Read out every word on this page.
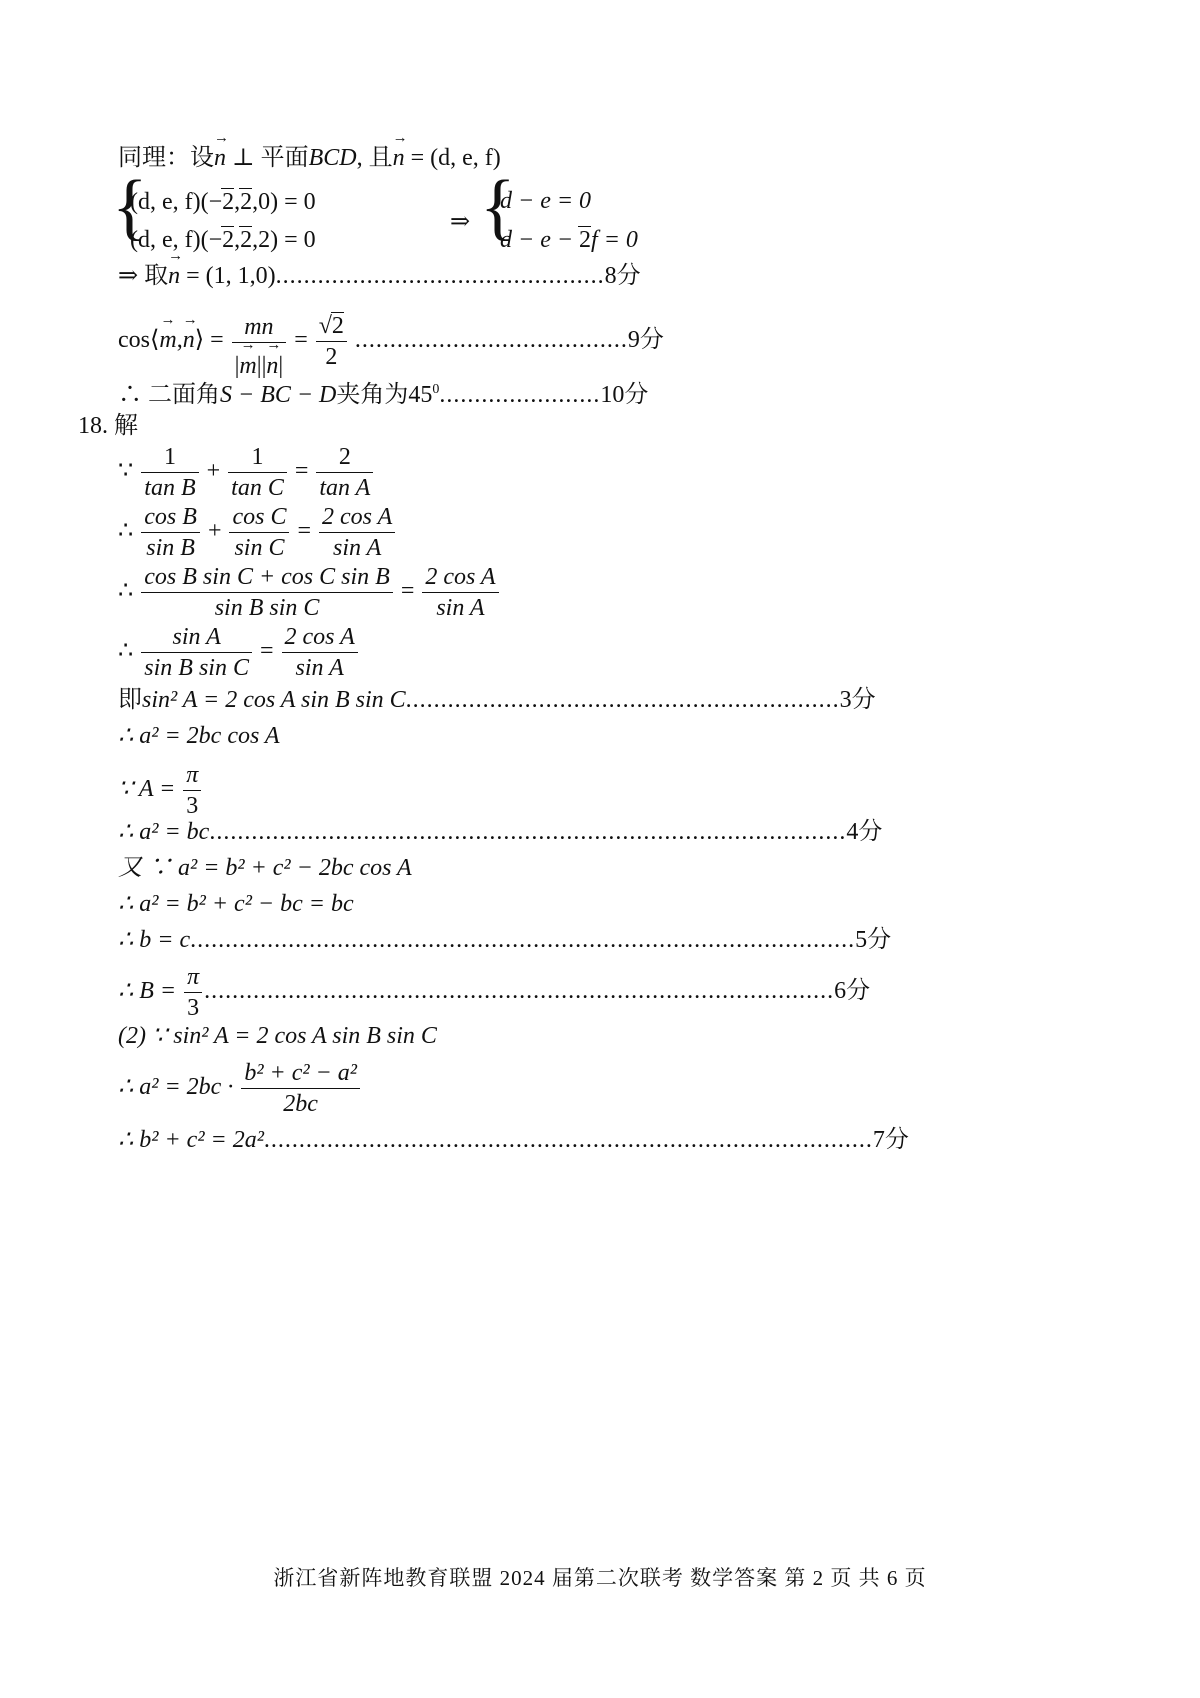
同理：设→ n ⊥ 平面BCD, 且→ n = (d, e, f)
{
(d, e, f)(−2,2,0) = 0
(d, e, f)(−2,2,2) = 0
⇒ {
d − e = 0
d − e − 2f = 0
⇒ 取→ n = (1, 1,0)...............................................8分
cos⟨→ m,→ n⟩ = $\frac{mn}{|\to m||\to n|} = \frac{√2}{2} .......................................9$分
∴ 二面角S − BC − D夹角为$45^0.......................10$分
18. 解
∵ $\frac{1}{\text{tan B}} + \frac{1}{\text{tan C}} = \frac{2}{\text{tan A}}$
∴ $\frac{\text{cos B}}{\text{sin B}} + \frac{\text{cos C}}{\text{sin C}} = \frac{\text{2 cos A}}{\text{sin A}}$
∴ $\frac{\text{cos B sin C + cos C sin B}}{\text{sin B sin C}} = \frac{\text{2 cos A}}{\text{sin A}}$
∴ $\frac{\text{sin A}}{\text{sin B sin C}} = \frac{\text{2 cos A}}{\text{sin A}}$
即sin² A = 2 cos A sin B sin C..............................................................3分
∴ a² = 2bc cos A
∵ $A = \frac{\pi}{3}$
∴ a² = bc...........................................................................................4分
又 ∵ a² = b² + c² − 2bc cos A
∴ a² = b² + c² − bc = bc
∴ b = c...............................................................................................5分
∴ $B = \frac{\pi}{3} ..........................................................................................6$分
(2) ∵ sin² A = 2 cos A sin B sin C
∴ $a^2 = 2bc \cdot \frac{\text{b² + c² − a²}}{2bc}$
∴ b² + c² = 2a².......................................................................................7分
浙江省新阵地教育联盟 2024 届第二次联考 数学答案 第 2 页 共 6 页
